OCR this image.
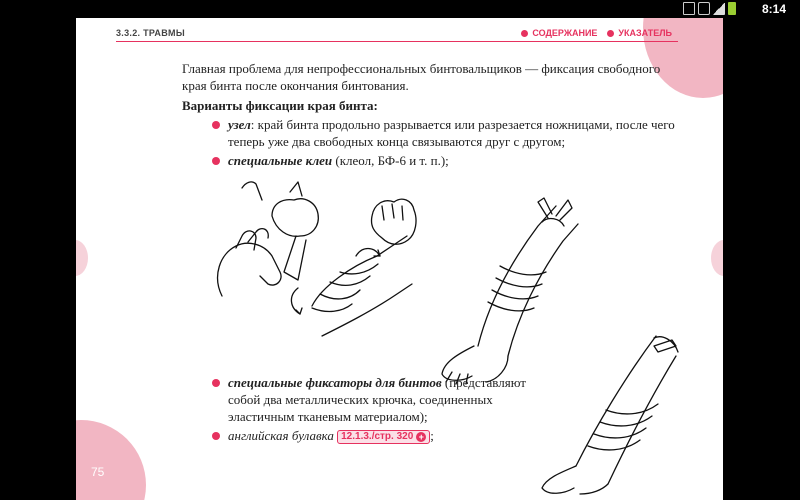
8:14
3.3.2. ТРАВМЫ	СОДЕРЖАНИЕ УКАЗАТЕЛЬ

Главная проблема для непрофессиональных бинтовальщиков — фиксация свободного края бинта после окончания бинтования.

Варианты фиксации края бинта:

узел: край бинта продольно разрывается или разрезается ножницами, после чего теперь уже два свободных конца связываются друг с другом;
специальные клеи (клеол, БФ-6 и т. п.);
специальные фиксаторы для бинтов (представляют собой два металлических крючка, соединенных эластичным тканевым материалом);
английская булавка 12.1.3./стр. 320 + ;
75
